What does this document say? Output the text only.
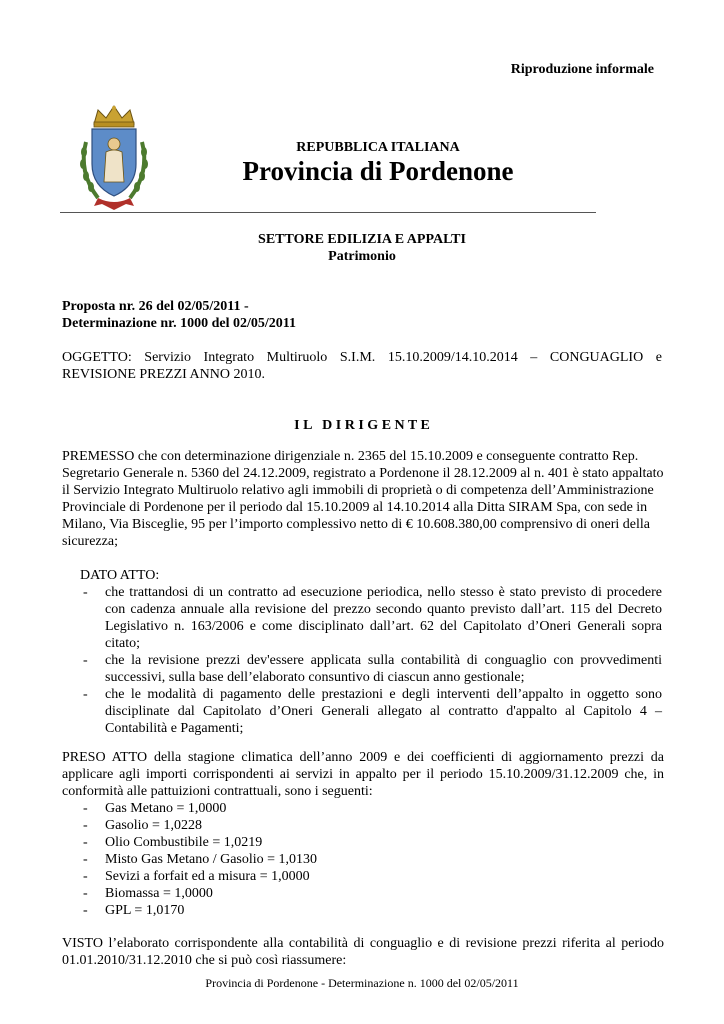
Riproduzione informale
REPUBBLICA ITALIANA
Provincia di Pordenone
SETTORE EDILIZIA E APPALTI
Patrimonio
Proposta nr. 26 del 02/05/2011 -
Determinazione nr. 1000 del 02/05/2011
OGGETTO: Servizio Integrato Multiruolo S.I.M. 15.10.2009/14.10.2014 – CONGUAGLIO e REVISIONE PREZZI ANNO 2010.
I L   D I R I G E N T E
PREMESSO che con determinazione dirigenziale n. 2365 del 15.10.2009 e conseguente contratto Rep. Segretario Generale n. 5360 del 24.12.2009, registrato a Pordenone il 28.12.2009 al n. 401 è stato appaltato il Servizio Integrato Multiruolo relativo agli immobili di proprietà o di competenza dell’Amministrazione Provinciale di Pordenone per il periodo dal 15.10.2009 al 14.10.2014 alla Ditta SIRAM Spa, con sede in Milano, Via Bisceglie, 95 per l’importo complessivo netto di € 10.608.380,00 comprensivo di oneri della sicurezza;
DATO ATTO:
- che trattandosi di un contratto ad esecuzione periodica, nello stesso è stato previsto di procedere con cadenza annuale alla revisione del prezzo secondo quanto previsto dall’art. 115 del Decreto Legislativo n. 163/2006 e come disciplinato dall’art. 62 del Capitolato d’Oneri Generali sopra citato;
- che la revisione prezzi dev'essere applicata sulla contabilità di conguaglio con provvedimenti successivi, sulla base dell’elaborato consuntivo di ciascun anno gestionale;
- che le modalità di pagamento delle prestazioni e degli interventi dell’appalto in oggetto sono disciplinate dal Capitolato d’Oneri Generali allegato al contratto d'appalto al Capitolo 4 – Contabilità e Pagamenti;
PRESO ATTO della stagione climatica dell’anno 2009 e dei coefficienti di aggiornamento prezzi da applicare agli importi corrispondenti ai servizi in appalto per il periodo 15.10.2009/31.12.2009 che, in conformità alle pattuizioni contrattuali, sono i seguenti:
- Gas Metano = 1,0000
- Gasolio = 1,0228
- Olio Combustibile = 1,0219
- Misto Gas Metano / Gasolio = 1,0130
- Sevizi a forfait ed a misura = 1,0000
- Biomassa = 1,0000
- GPL = 1,0170
VISTO l’elaborato corrispondente alla contabilità di conguaglio e di revisione prezzi riferita al periodo 01.01.2010/31.12.2010 che si può così riassumere:
Provincia di Pordenone - Determinazione n. 1000 del 02/05/2011
